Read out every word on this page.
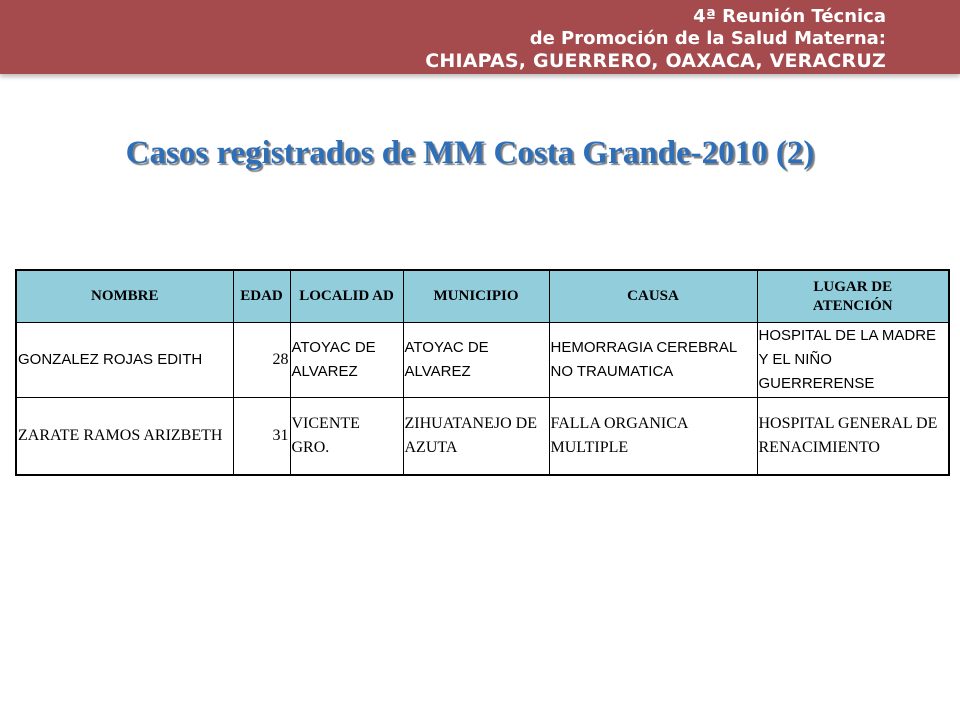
4ª Reunión Técnica
de Promoción de la Salud Materna:
CHIAPAS, GUERRERO, OAXACA, VERACRUZ
Casos registrados de MM Costa Grande-2010 (2)
NOMBRE	EDAD	LOCALID AD	MUNICIPIO	CAUSA	LUGAR DE ATENCIÓN
GONZALEZ ROJAS EDITH	28	ATOYAC DE ALVAREZ	ATOYAC DE ALVAREZ	HEMORRAGIA CEREBRAL NO TRAUMATICA	HOSPITAL DE LA MADRE Y EL NIÑO GUERRERENSE
ZARATE RAMOS ARIZBETH	31	VICENTE GRO.	ZIHUATANEJO DE AZUTA	FALLA ORGANICA MULTIPLE	HOSPITAL GENERAL DE RENACIMIENTO
